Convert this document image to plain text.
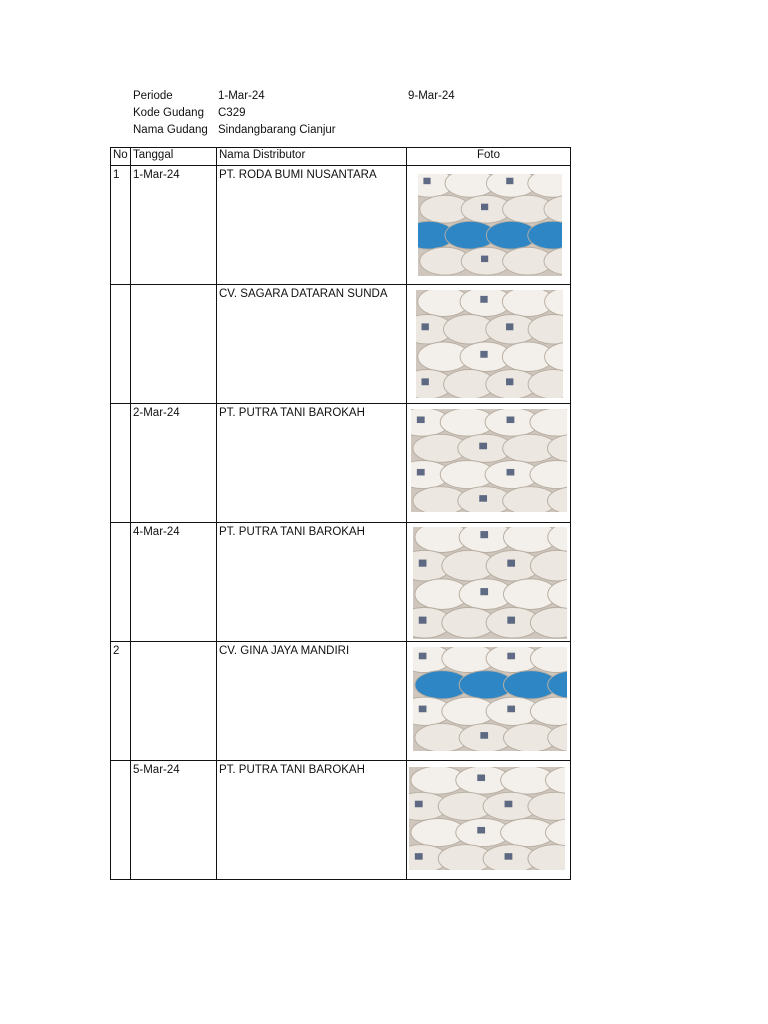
Periode	1-Mar-24	9-Mar-24
Kode Gudang C329
Nama Gudang Sindangbarang Cianjur
No	Tanggal	Nama Distributor	Foto
1	1-Mar-24	PT. RODA BUMI NUSANTARA	

		CV. SAGARA DATARAN SUNDA	

	2-Mar-24	PT. PUTRA TANI BAROKAH	

	4-Mar-24	PT. PUTRA TANI BAROKAH	

2		CV. GINA JAYA MANDIRI	

	5-Mar-24	PT. PUTRA TANI BAROKAH	
